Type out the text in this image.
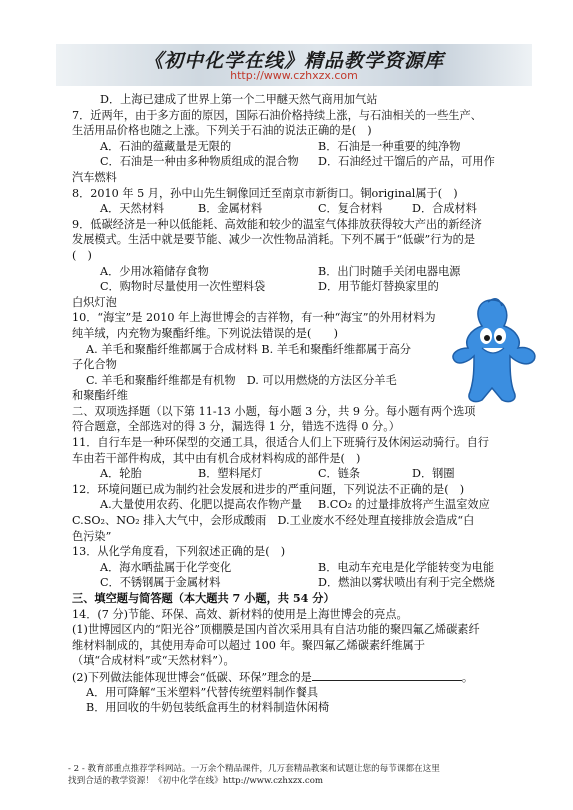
《初中化学在线》精品教学资源库
http://www.czhxzx.com
D．上海已建成了世界上第一个二甲醚天然气商用加气站
7．近两年，由于多方面的原因，国际石油价格持续上涨，与石油相关的一些生产、
生活用品价格也随之上涨。下列关于石油的说法正确的是(　)
A．石油的蕴藏量是无限的	B．石油是一种重要的纯净物
C．石油是一种由多种物质组成的混合物 D．石油经过干馏后的产品，可用作
汽车燃料
8．2010 年 5 月，孙中山先生铜像回迁至南京市新街口。铜original属于(　)
A．天然材料	B．金属材料	C．复合材料	D．合成材料
9．低碳经济是一种以低能耗、高效能和较少的温室气体排放获得较大产出的新经济
发展模式。生活中就是要节能、减少一次性物品消耗。下列不属于“低碳”行为的是
(　)
A．少用冰箱储存食物	B．出门时随手关闭电器电源
C．购物时尽量使用一次性塑料袋	D．用节能灯替换家里的
白炽灯泡
10．“海宝”是 2010 年上海世博会的吉祥物，有一种“海宝”的外用材料为
纯羊绒，内充物为聚酯纤维。下列说法错误的是(　　)
A. 羊毛和聚酯纤维都属于合成材料 B. 羊毛和聚酯纤维都属于高分
子化合物
C. 羊毛和聚酯纤维都是有机物　D. 可以用燃烧的方法区分羊毛
和聚酯纤维
二、双项选择题（以下第 11-13 小题，每小题 3 分，共 9 分。每小题有两个选项
符合题意，全部选对的得 3 分，漏选得 1 分，错选不选得 0 分。）
11．自行车是一种环保型的交通工具，很适合人们上下班骑行及休闲运动骑行。自行
车由若干部件构成，其中由有机合成材料构成的部件是(　)
A．轮胎	B．塑料尾灯	C．链条	D．钢圈
12．环境问题已成为制约社会发展和进步的严重问题，下列说法不正确的是(　)
A.大量使用农药、化肥以提高农作物产量 B.CO₂ 的过量排放将产生温室效应
C.SO₂、NO₂ 排入大气中，会形成酸雨　D.工业废水不经处理直接排放会造成“白
色污染”
13．从化学角度看，下列叙述正确的是(　)
A．海水晒盐属于化学变化	B．电动车充电是化学能转变为电能
C．不锈钢属于金属材料	D．燃油以雾状喷出有利于完全燃烧
三、填空题与简答题（本大题共 7 小题，共 54 分）
14．(7 分)节能、环保、高效、新材料的使用是上海世博会的亮点。
(1)世博园区内的“阳光谷”顶棚膜是国内首次采用具有自洁功能的聚四氟乙烯碳素纤
维材料制成的，其使用寿命可以超过 100 年。聚四氟乙烯碳素纤维属于
（填“合成材料”或“天然材料”）。
(2)下列做法能体现世博会“低碳、环保”理念的是	。
A．用可降解“玉米塑料”代替传统塑料制作餐具
B．用回收的牛奶包装纸盒再生的材料制造休闲椅
- 2 - 教育部重点推荐学科网站。一万余个精品课件，几万套精品教案和试题让您的每节课都在这里
找到合适的教学资源！《初中化学在线》http://www.czhxzx.com
